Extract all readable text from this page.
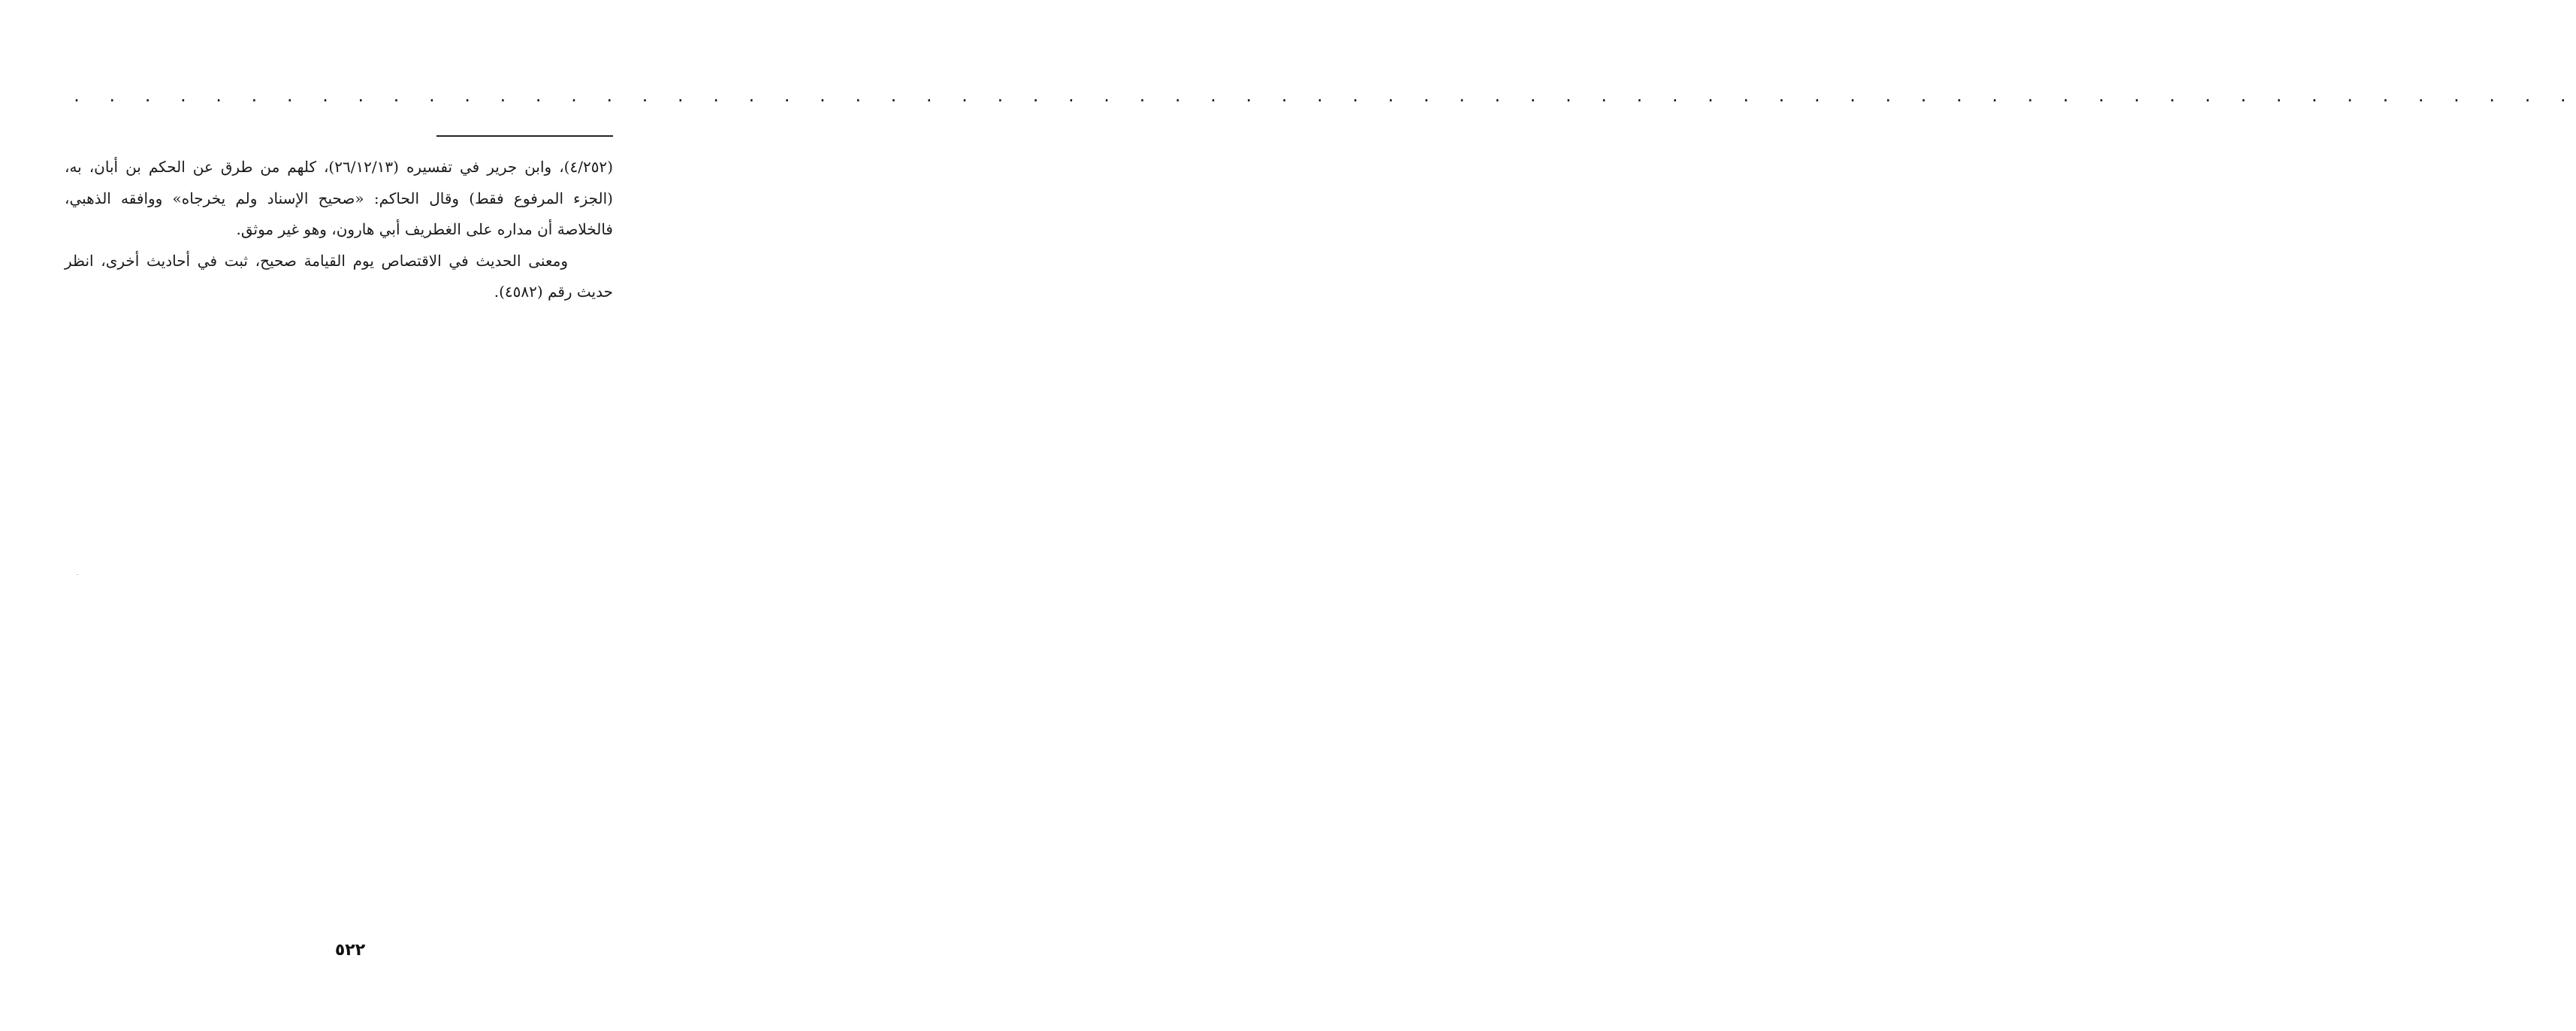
. . . . . . . . . . . . . . . . . . . . . . . . . . . . . . . . . . . . . . . . . . . . . . . . . . . . . . . . . . . . . . . . . . . . . . .

(٤/٢٥٢)، وابن جرير في تفسيره (٢٦/١٢/١٣)، كلهم من طرق عن الحكم بن أبان، به، (الجزء المرفوع فقط) وقال الحاكم: «صحيح الإسناد ولم يخرجاه» ووافقه الذهبي، فالخلاصة أن مداره على الغطريف أبي هارون، وهو غير موثق.

ومعنى الحديث في الاقتصاص يوم القيامة صحيح، ثبت في أحاديث أخرى، انظر حديث رقم (٤٥٨٢).

٥٢٢
